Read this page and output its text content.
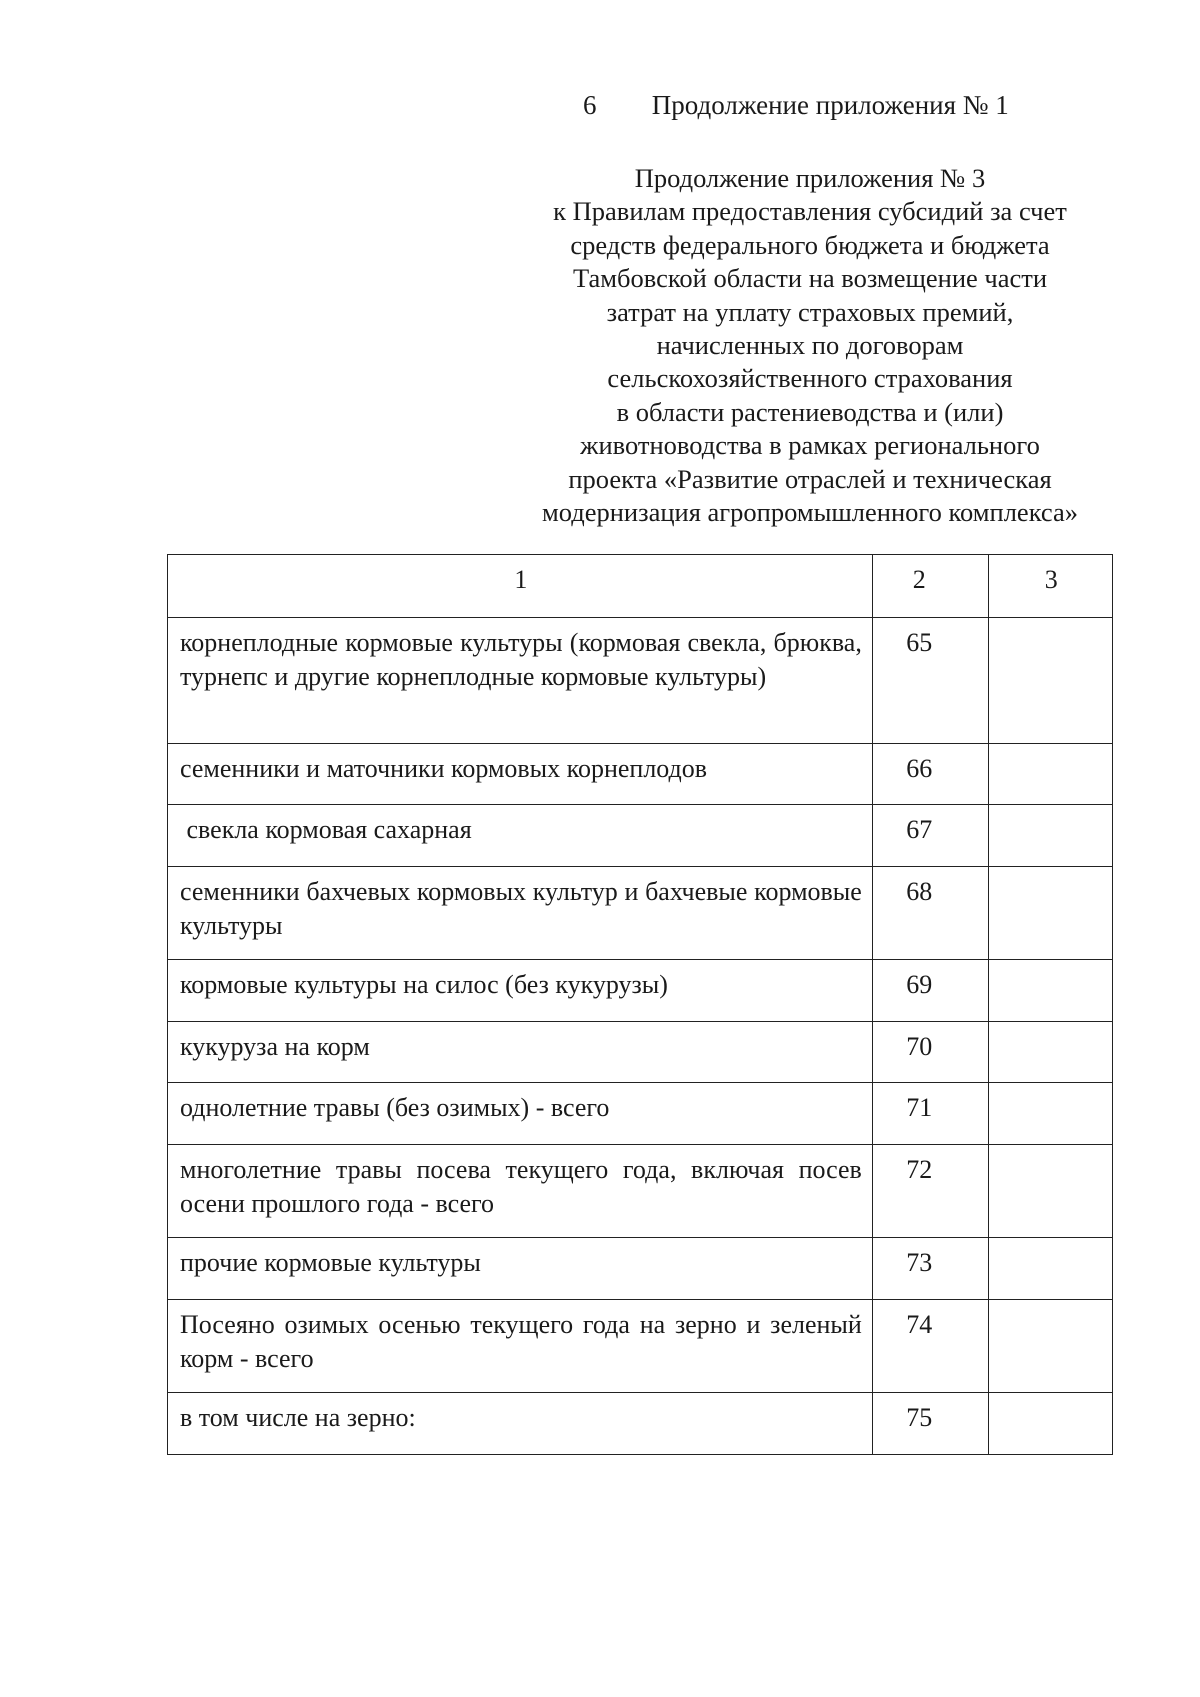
6 Продолжение приложения № 1
Продолжение приложения № 3
к Правилам предоставления субсидий за счет
средств федерального бюджета и бюджета
Тамбовской области на возмещение части
затрат на уплату страховых премий,
начисленных по договорам
сельскохозяйственного страхования
в области растениеводства и (или)
животноводства в рамках регионального
проекта «Развитие отраслей и техническая
модернизация агропромышленного комплекса»
1	2	3
корнеплодные кормовые культуры (кормовая свекла, брюква, турнепс и другие корнеплодные кормовые культуры)	65	
семенники и маточники кормовых корнеплодов	66	
свекла кормовая сахарная	67	
семенники бахчевых кормовых культур и бахчевые кормовые культуры	68	
кормовые культуры на силос (без кукурузы)	69	
кукуруза на корм	70	
однолетние травы (без озимых) - всего	71	
многолетние травы посева текущего года, включая посев осени прошлого года - всего	72	
прочие кормовые культуры	73	
Посеяно озимых осенью текущего года на зерно и зеленый корм - всего	74	
в том числе на зерно:	75	
